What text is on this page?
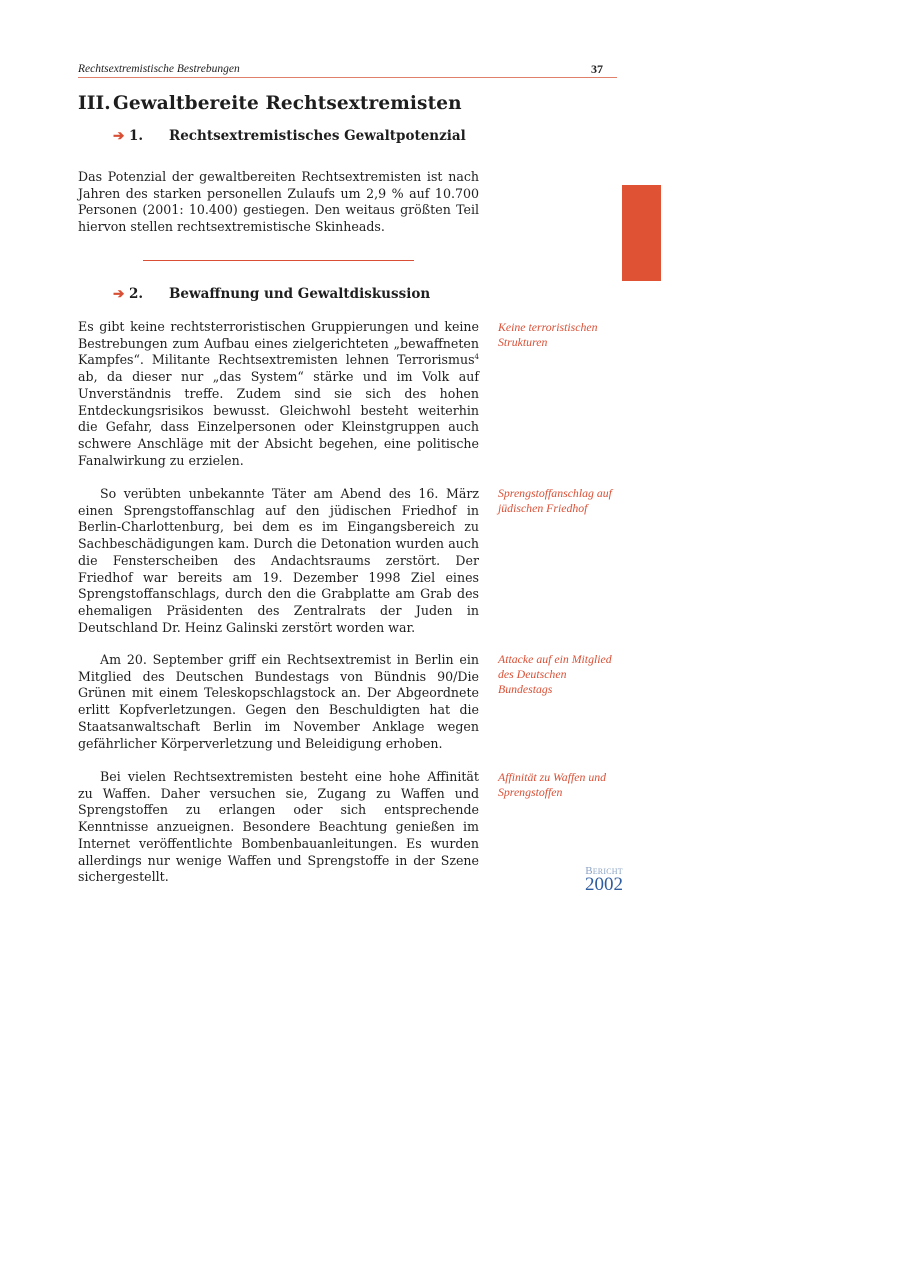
Rechtsextremistische Bestrebungen	37
III. Gewaltbereite Rechtsextremisten
➔ 1. Rechtsextremistisches Gewaltpotenzial

Das Potenzial der gewaltbereiten Rechtsextremisten ist nach Jahren des starken personellen Zulaufs um 2,9 % auf 10.700 Personen (2001: 10.400) gestiegen. Den weitaus größten Teil hiervon stellen rechtsextremistische Skinheads.

➔ 2. Bewaffnung und Gewaltdiskussion

Es gibt keine rechtsterroristischen Gruppierungen und keine Bestrebungen zum Aufbau eines zielgerichteten „bewaffneten Kampfes“. Militante Rechtsextremisten lehnen Terrorismus$^4$ ab, da dieser nur „das System“ stärke und im Volk auf Unverständnis treffe. Zudem sind sie sich des hohen Entdeckungsrisikos bewusst. Gleichwohl besteht weiterhin die Gefahr, dass Einzelpersonen oder Kleinstgruppen auch schwere Anschläge mit der Absicht begehen, eine politische Fanalwirkung zu erzielen.

So verübten unbekannte Täter am Abend des 16. März einen Sprengstoffanschlag auf den jüdischen Friedhof in Berlin-Charlottenburg, bei dem es im Eingangsbereich zu Sachbeschädigungen kam. Durch die Detonation wurden auch die Fensterscheiben des Andachtsraums zerstört. Der Friedhof war bereits am 19. Dezember 1998 Ziel eines Sprengstoffanschlags, durch den die Grabplatte am Grab des ehemaligen Präsidenten des Zentralrats der Juden in Deutschland Dr. Heinz Galinski zerstört worden war.

Am 20. September griff ein Rechtsextremist in Berlin ein Mitglied des Deutschen Bundestags von Bündnis 90/Die Grünen mit einem Teleskopschlagstock an. Der Abgeordnete erlitt Kopfverletzungen. Gegen den Beschuldigten hat die Staatsanwaltschaft Berlin im November Anklage wegen gefährlicher Körperverletzung und Beleidigung erhoben.

Bei vielen Rechtsextremisten besteht eine hohe Affinität zu Waffen. Daher versuchen sie, Zugang zu Waffen und Sprengstoffen zu erlangen oder sich entsprechende Kenntnisse anzueignen. Besondere Beachtung genießen im Internet veröffentlichte Bombenbauanleitungen. Es wurden allerdings nur wenige Waffen und Sprengstoffe in der Szene sichergestellt.

Keine terroristischen Strukturen

Sprengstoffanschlag auf jüdischen Friedhof

Attacke auf ein Mitglied des Deutschen Bundestags

Affinität zu Waffen und Sprengstoffen

Bericht
2002
